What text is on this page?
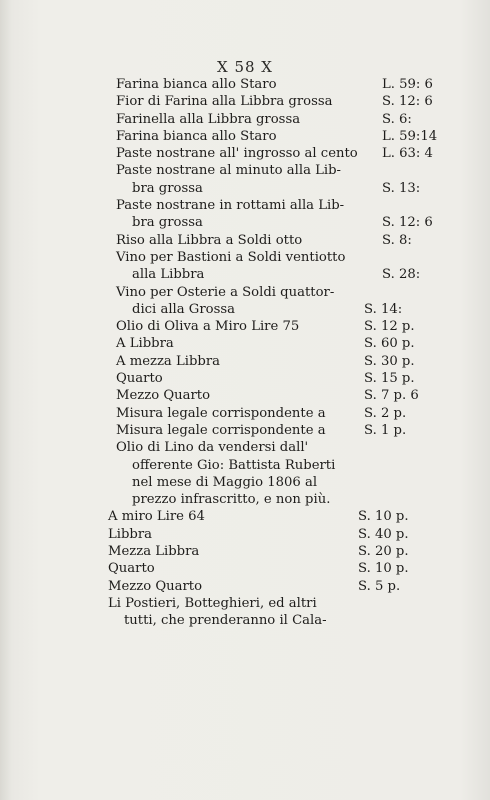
Ⅹ 58 Ⅹ
Farina bianca allo Staro	L. 59: 6
Fior di Farina alla Libbra grossa	S. 12: 6
Farinella alla Libbra grossa	S. 6:
Farina bianca allo Staro	L. 59:14
Paste nostrane all' ingrosso al cento L. 63: 4
Paste nostrane al minuto alla Lib-
bra grossa	S. 13:
Paste nostrane in rottami alla Lib-
bra grossa	S. 12: 6
Riso alla Libbra a Soldi otto	S. 8:
Vino per Bastioni a Soldi ventiotto
alla Libbra	S. 28:
Vino per Osterie a Soldi quattor-
dici alla Grossa	S. 14:
Olio di Oliva a Miro Lire 75	S. 12 p.
A Libbra	S. 60 p.
A mezza Libbra	S. 30 p.
Quarto	S. 15 p.
Mezzo Quarto	S. 7 p. 6
Misura legale corrispondente a	S. 2 p.
Misura legale corrispondente a	S. 1 p.
Olio di Lino da vendersi dall'
offerente Gio: Battista Ruberti
nel mese di Maggio 1806 al
prezzo infrascritto, e non più.
A miro Lire 64	S. 10 p.
Libbra	S. 40 p.
Mezza Libbra	S. 20 p.
Quarto	S. 10 p.
Mezzo Quarto	S. 5 p.
Li Postieri, Botteghieri, ed altri
tutti, che prenderanno il Cala-
